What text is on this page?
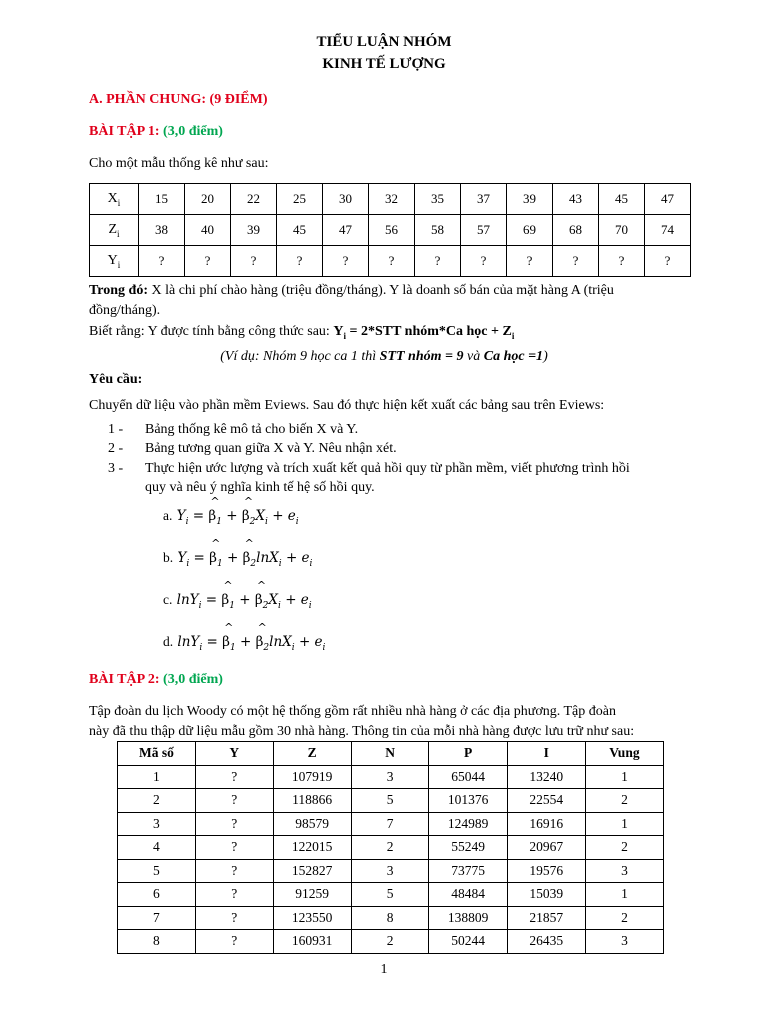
TIỂU LUẬN NHÓM
KINH TẾ LƯỢNG
A. PHẦN CHUNG: (9 ĐIỂM)
BÀI TẬP 1: (3,0 điểm)
Cho một mẫu thống kê như sau:
$X_i$	15	20	22	25	30	32	35	37	39	43	45	47
$Z_i$	38	40	39	45	47	56	58	57	69	68	70	74
$Y_i$	?	?	?	?	?	?	?	?	?	?	?	?
Trong đó: X là chi phí chào hàng (triệu đồng/tháng). Y là doanh số bán của mặt hàng A (triệu
đồng/tháng).
Biết rằng: Y được tính bằng công thức sau: $Y_i = 2*STT$ nhóm*Ca học + $Z_i$
(Ví dụ: Nhóm 9 học ca 1 thì STT nhóm = 9 và Ca học =1)
Yêu cầu:
Chuyển dữ liệu vào phần mềm Eviews. Sau đó thực hiện kết xuất các bảng sau trên Eviews:
1 - Bảng thống kê mô tả cho biến X và Y.
2 - Bảng tương quan giữa X và Y. Nêu nhận xét.
3 - Thực hiện ước lượng và trích xuất kết quả hồi quy từ phần mềm, viết phương trình hồi
quy và nêu ý nghĩa kinh tế hệ số hồi quy.
a. $Y_i$ = ^ $\beta_1$ + ^ $\beta_2X_i + e_i$
b. $Y_i$ = ^ $\beta_1$ + ^ $\beta_2\ln X_i + e_i$
c. lnY$_i$ = ^ $\beta_1$ + ^ $\beta_2X_i + e_i$
d. lnY$_i$ = ^ $\beta_1$ + ^ $\beta_2\ln X_i + e_i$
BÀI TẬP 2: (3,0 điểm)
Tập đoàn du lịch Woody có một hệ thống gồm rất nhiều nhà hàng ở các địa phương. Tập đoàn
này đã thu thập dữ liệu mẫu gồm 30 nhà hàng. Thông tin của mỗi nhà hàng được lưu trữ như sau:
Mã số	Y	Z	N	P	I	Vung
1	?	107919	3	65044	13240	1
2	?	118866	5	101376	22554	2
3	?	98579	7	124989	16916	1
4	?	122015	2	55249	20967	2
5	?	152827	3	73775	19576	3
6	?	91259	5	48484	15039	1
7	?	123550	8	138809	21857	2
8	?	160931	2	50244	26435	3
1
